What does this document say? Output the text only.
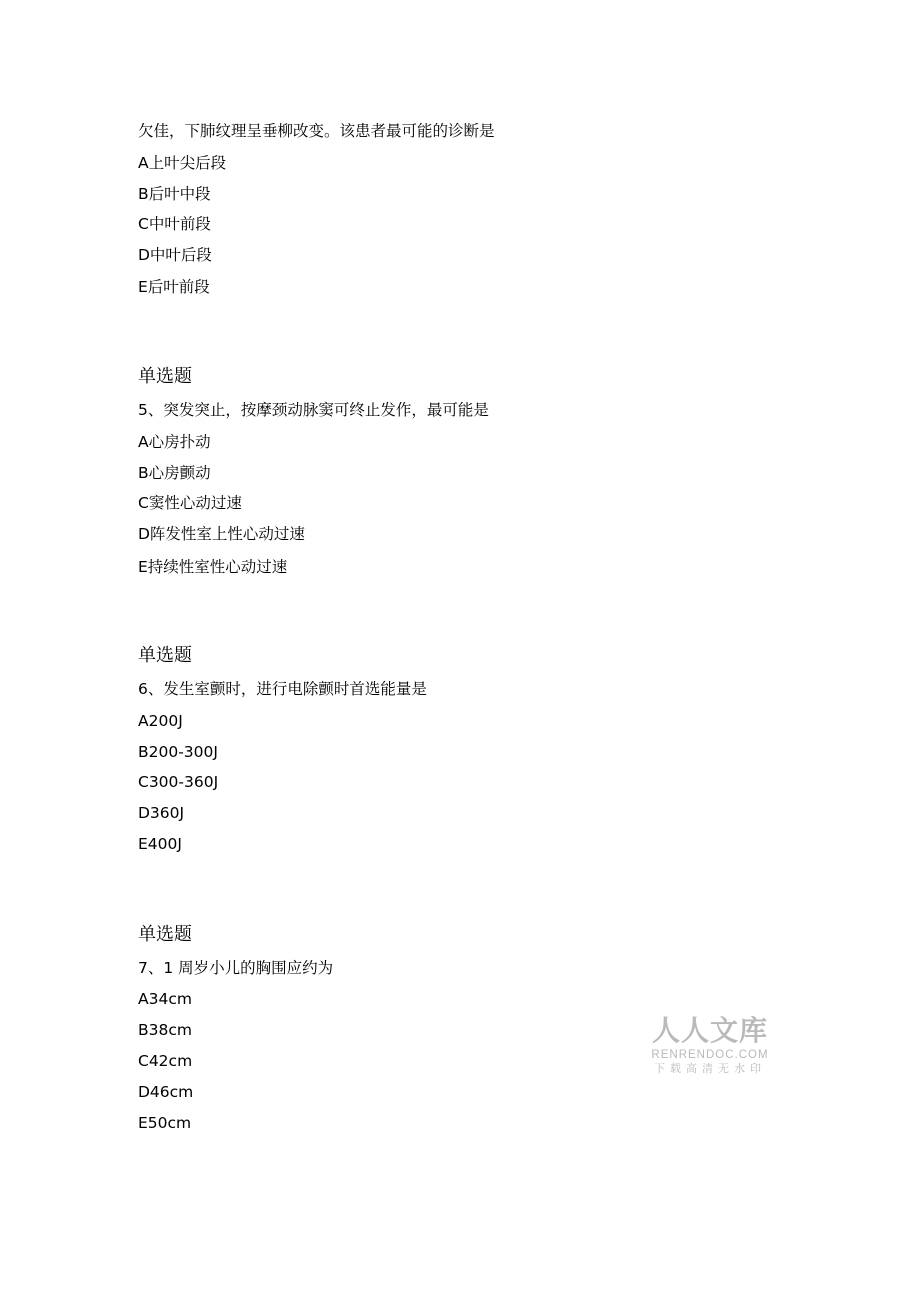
欠佳，下肺纹理呈垂柳改变。该患者最可能的诊断是
A上叶尖后段
B后叶中段
C中叶前段
D中叶后段
E后叶前段
单选题
5、突发突止，按摩颈动脉窦可终止发作，最可能是
A心房扑动
B心房颤动
C窦性心动过速
D阵发性室上性心动过速
E持续性室性心动过速
单选题
6、发生室颤时，进行电除颤时首选能量是
A200J
B200-300J
C300-360J
D360J
E400J
单选题
7、1 周岁小儿的胸围应约为
A34cm
B38cm
C42cm
D46cm
E50cm
人人文库
RENRENDOC.COM
下载高清无水印
